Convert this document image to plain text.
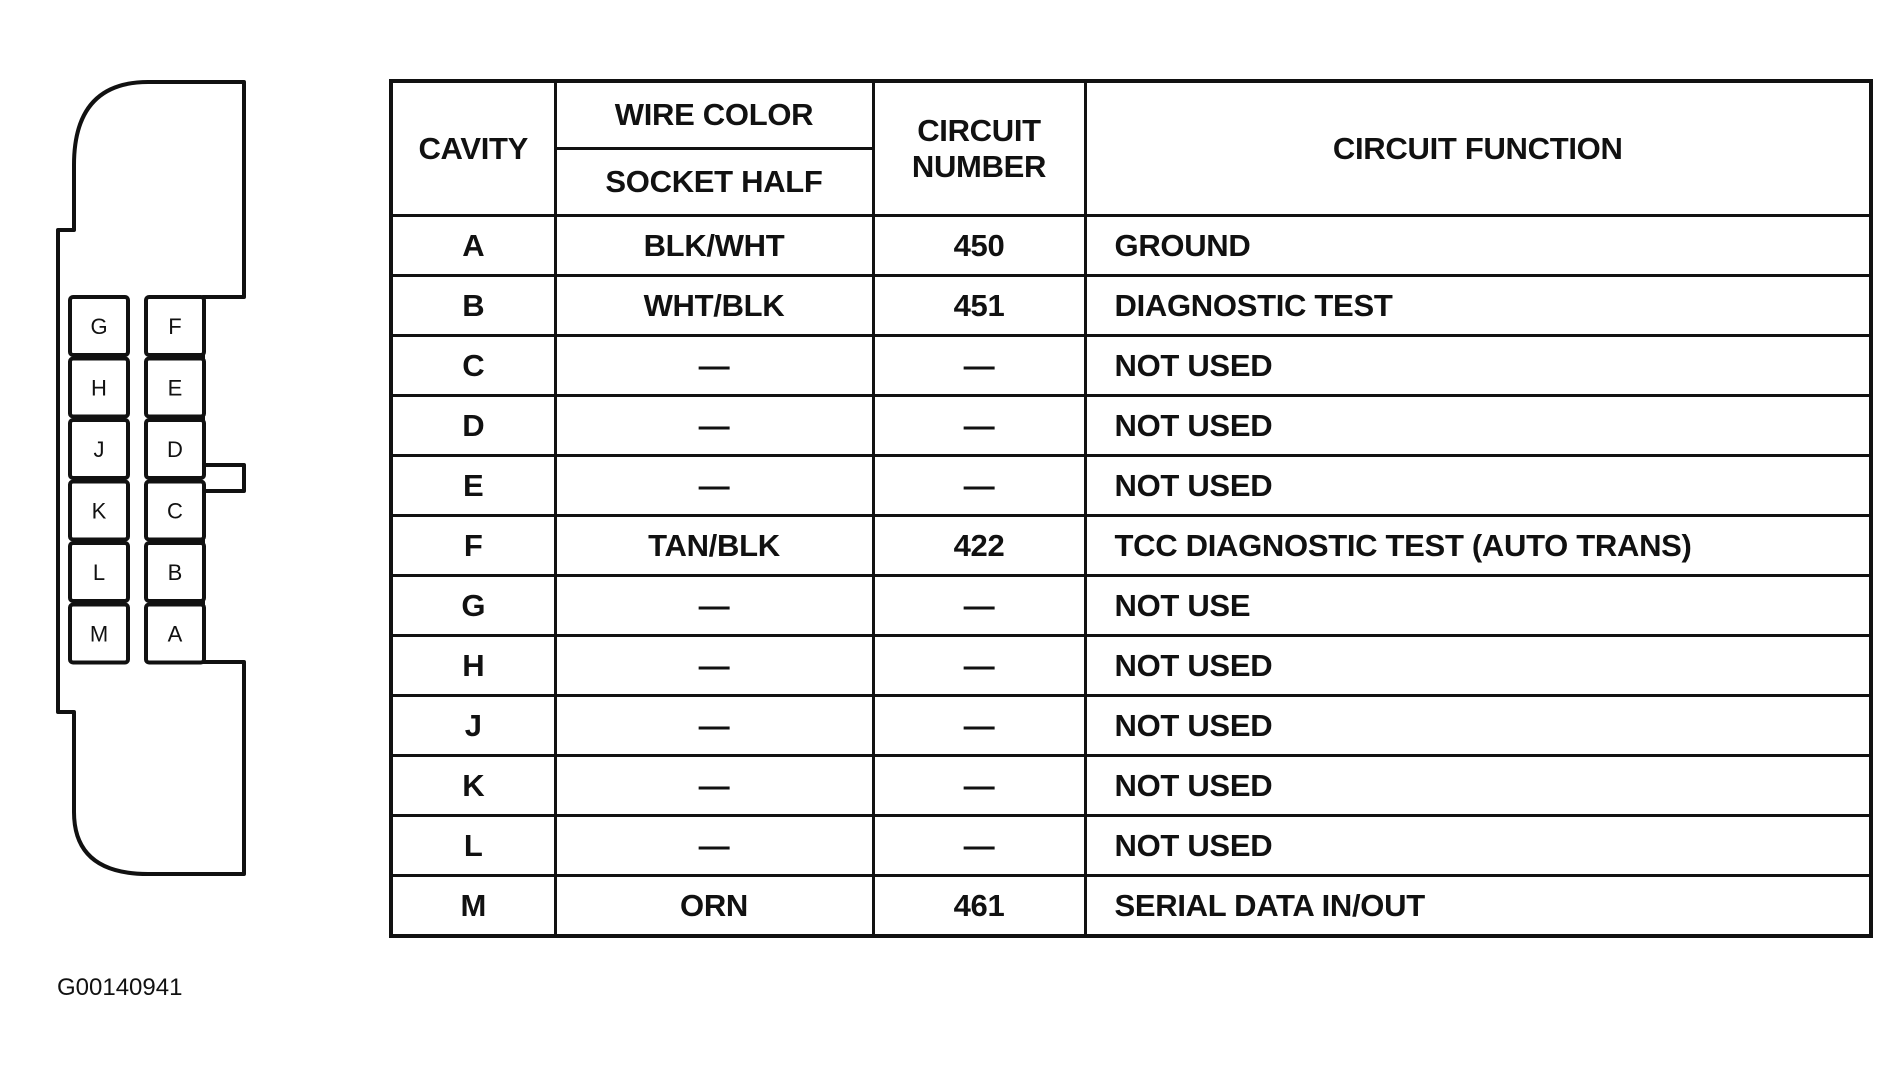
G	F
H	E
J	D
K	C
L	B
M	A
CAVITY	WIRE COLOR	CIRCUIT NUMBER	CIRCUIT FUNCTION
	SOCKET HALF		
A	BLK/WHT	450	GROUND
B	WHT/BLK	451	DIAGNOSTIC TEST
C	—	—	NOT USED
D	—	—	NOT USED
E	—	—	NOT USED
F	TAN/BLK	422	TCC DIAGNOSTIC TEST (AUTO TRANS)
G	—	—	NOT USE
H	—	—	NOT USED
J	—	—	NOT USED
K	—	—	NOT USED
L	—	—	NOT USED
M	ORN	461	SERIAL DATA IN/OUT
G00140941
